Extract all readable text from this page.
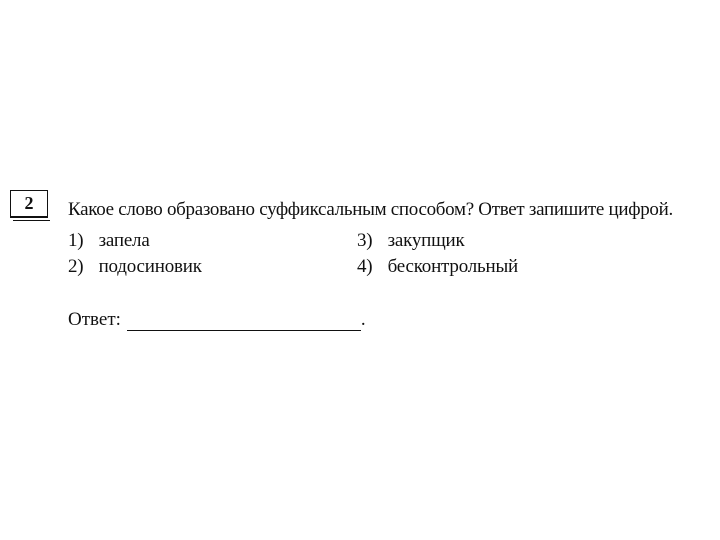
2 Какое слово образовано суффиксальным способом? Ответ запишите цифрой.
1) запела
2) подосиновик
3) закупщик
4) бесконтрольный
Ответ:	.
